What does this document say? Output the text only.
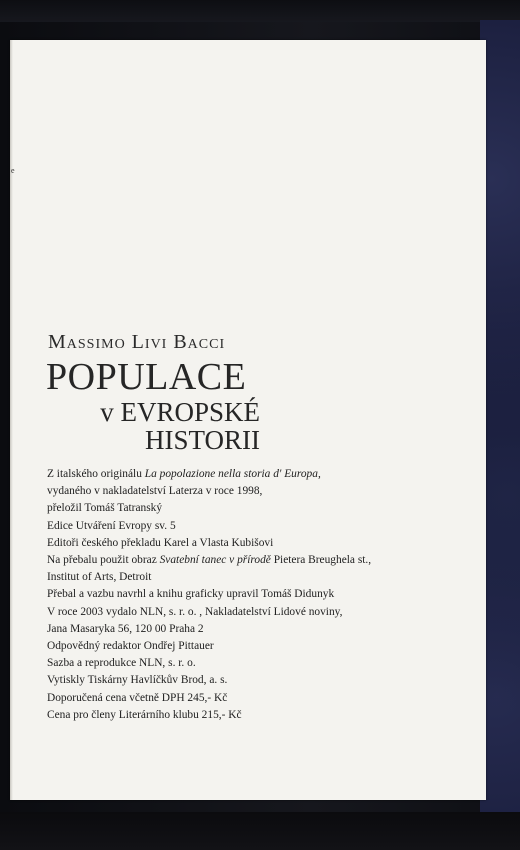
e
Massimo Livi Bacci
POPULACE
v EVROPSKÉ
HISTORII
Z italského originálu La popolazione nella storia d' Europa,
vydaného v nakladatelství Laterza v roce 1998,
přeložil Tomáš Tatranský
Edice Utváření Evropy sv. 5
Editoři českého překladu Karel a Vlasta Kubišovi
Na přebalu použit obraz Svatební tanec v přírodě Pietera Breughela st.,
Institut of Arts, Detroit
Přebal a vazbu navrhl a knihu graficky upravil Tomáš Didunyk
V roce 2003 vydalo NLN, s. r. o. , Nakladatelství Lidové noviny,
Jana Masaryka 56, 120 00 Praha 2
Odpovědný redaktor Ondřej Pittauer
Sazba a reprodukce NLN, s. r. o.
Vytiskly Tiskárny Havlíčkův Brod, a. s.
Doporučená cena včetně DPH 245,- Kč
Cena pro členy Literárního klubu 215,- Kč
